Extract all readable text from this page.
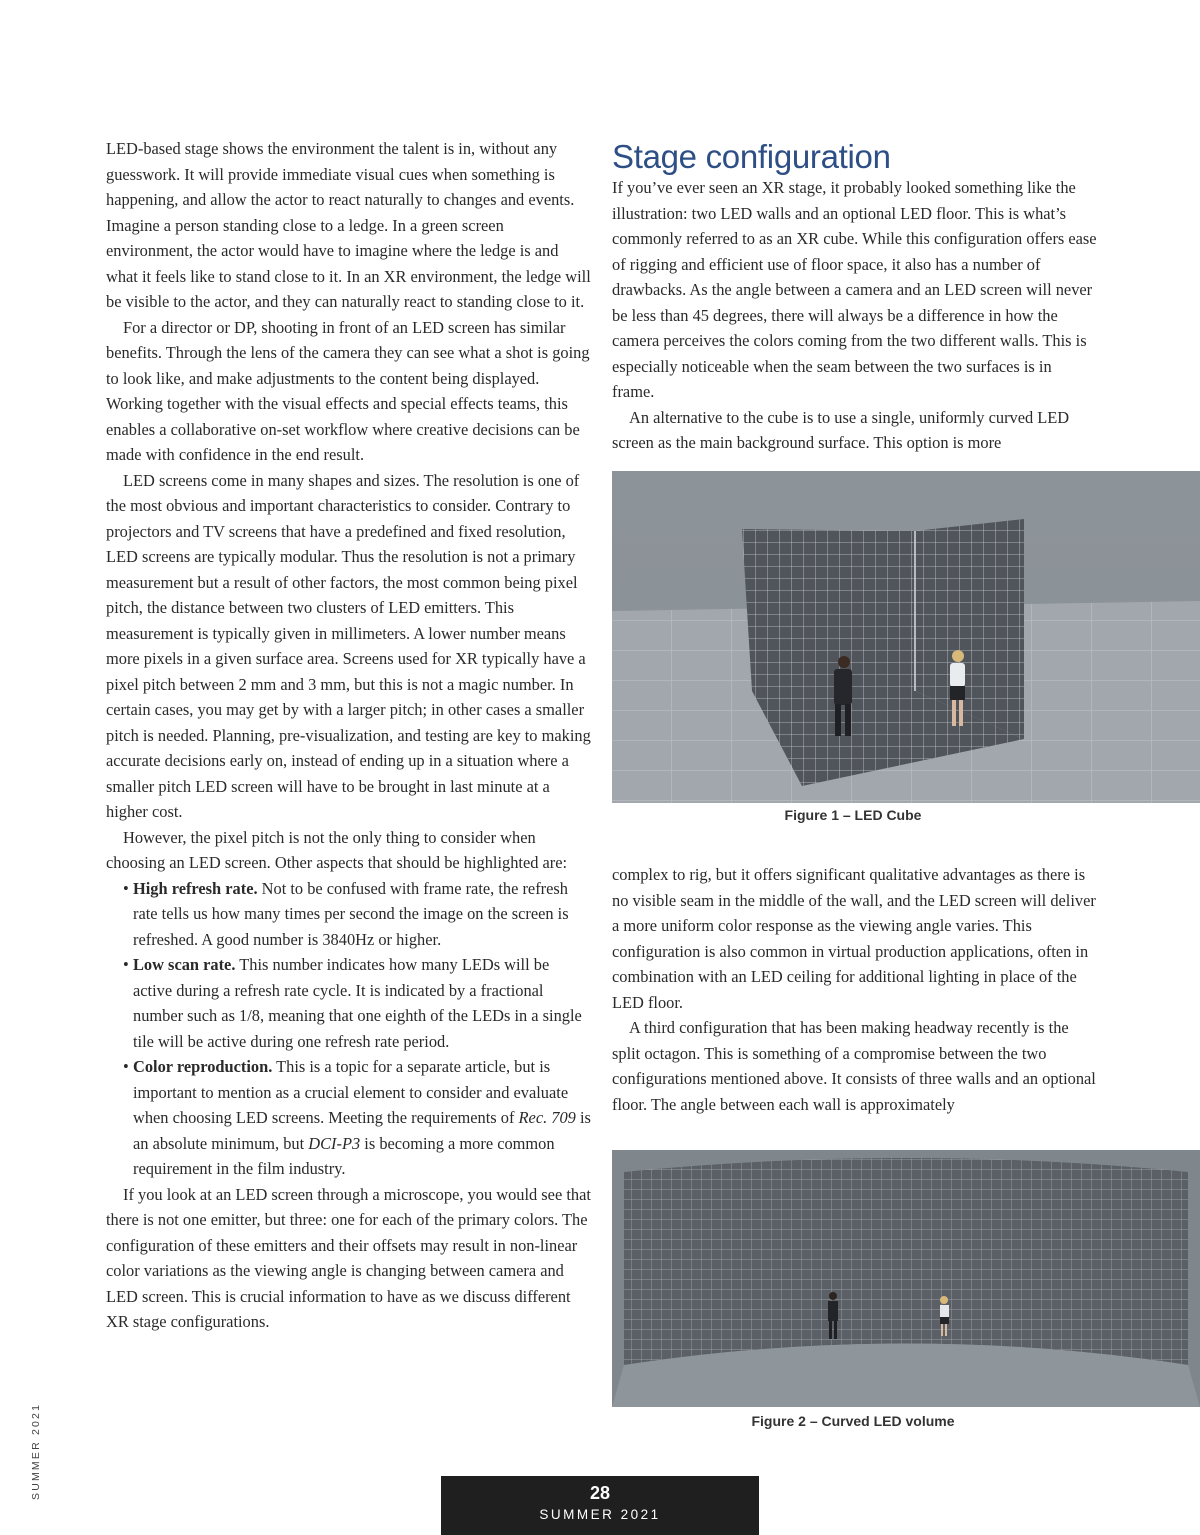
LED-based stage shows the environment the talent is in, without any guesswork. It will provide immediate visual cues when something is happening, and allow the actor to react naturally to changes and events. Imagine a person standing close to a ledge. In a green screen environment, the actor would have to imagine where the ledge is and what it feels like to stand close to it. In an XR environment, the ledge will be visible to the actor, and they can naturally react to standing close to it.

For a director or DP, shooting in front of an LED screen has similar benefits. Through the lens of the camera they can see what a shot is going to look like, and make adjustments to the content being displayed. Working together with the visual effects and special effects teams, this enables a collaborative on-set workflow where creative decisions can be made with confidence in the end result.

LED screens come in many shapes and sizes. The resolution is one of the most obvious and important characteristics to consider. Contrary to projectors and TV screens that have a predefined and fixed resolution, LED screens are typically modular. Thus the resolution is not a primary measurement but a result of other factors, the most common being pixel pitch, the distance between two clusters of LED emitters. This measurement is typically given in millimeters. A lower number means more pixels in a given surface area. Screens used for XR typically have a pixel pitch between 2 mm and 3 mm, but this is not a magic number. In certain cases, you may get by with a larger pitch; in other cases a smaller pitch is needed. Planning, pre-visualization, and testing are key to making accurate decisions early on, instead of ending up in a situation where a smaller pitch LED screen will have to be brought in last minute at a higher cost.

However, the pixel pitch is not the only thing to consider when choosing an LED screen. Other aspects that should be highlighted are:

• High refresh rate. Not to be confused with frame rate, the refresh rate tells us how many times per second the image on the screen is refreshed. A good number is 3840Hz or higher.
• Low scan rate. This number indicates how many LEDs will be active during a refresh rate cycle. It is indicated by a fractional number such as 1/8, meaning that one eighth of the LEDs in a single tile will be active during one refresh rate period.
• Color reproduction. This is a topic for a separate article, but is important to mention as a crucial element to consider and evaluate when choosing LED screens. Meeting the requirements of Rec. 709 is an absolute minimum, but DCI-P3 is becoming a more common requirement in the film industry.

If you look at an LED screen through a microscope, you would see that there is not one emitter, but three: one for each of the primary colors. The configuration of these emitters and their offsets may result in non-linear color variations as the viewing angle is changing between camera and LED screen. This is crucial information to have as we discuss different XR stage configurations.

Stage configuration

If you’ve ever seen an XR stage, it probably looked something like the illustration: two LED walls and an optional LED floor. This is what’s commonly referred to as an XR cube. While this configuration offers ease of rigging and efficient use of floor space, it also has a number of drawbacks. As the angle between a camera and an LED screen will never be less than 45 degrees, there will always be a difference in how the camera perceives the colors coming from the two different walls. This is especially noticeable when the seam between the two surfaces is in frame.

An alternative to the cube is to use a single, uniformly curved LED screen as the main background surface. This option is more

Figure 1 – LED Cube

complex to rig, but it offers significant qualitative advantages as there is no visible seam in the middle of the wall, and the LED screen will deliver a more uniform color response as the viewing angle varies. This configuration is also common in virtual production applications, often in combination with an LED ceiling for additional lighting in place of the LED floor.

A third configuration that has been making headway recently is the split octagon. This is something of a compromise between the two configurations mentioned above. It consists of three walls and an optional floor. The angle between each wall is approximately

Figure 2 – Curved LED volume
SUMMER 2021	28
SUMMER 2021
